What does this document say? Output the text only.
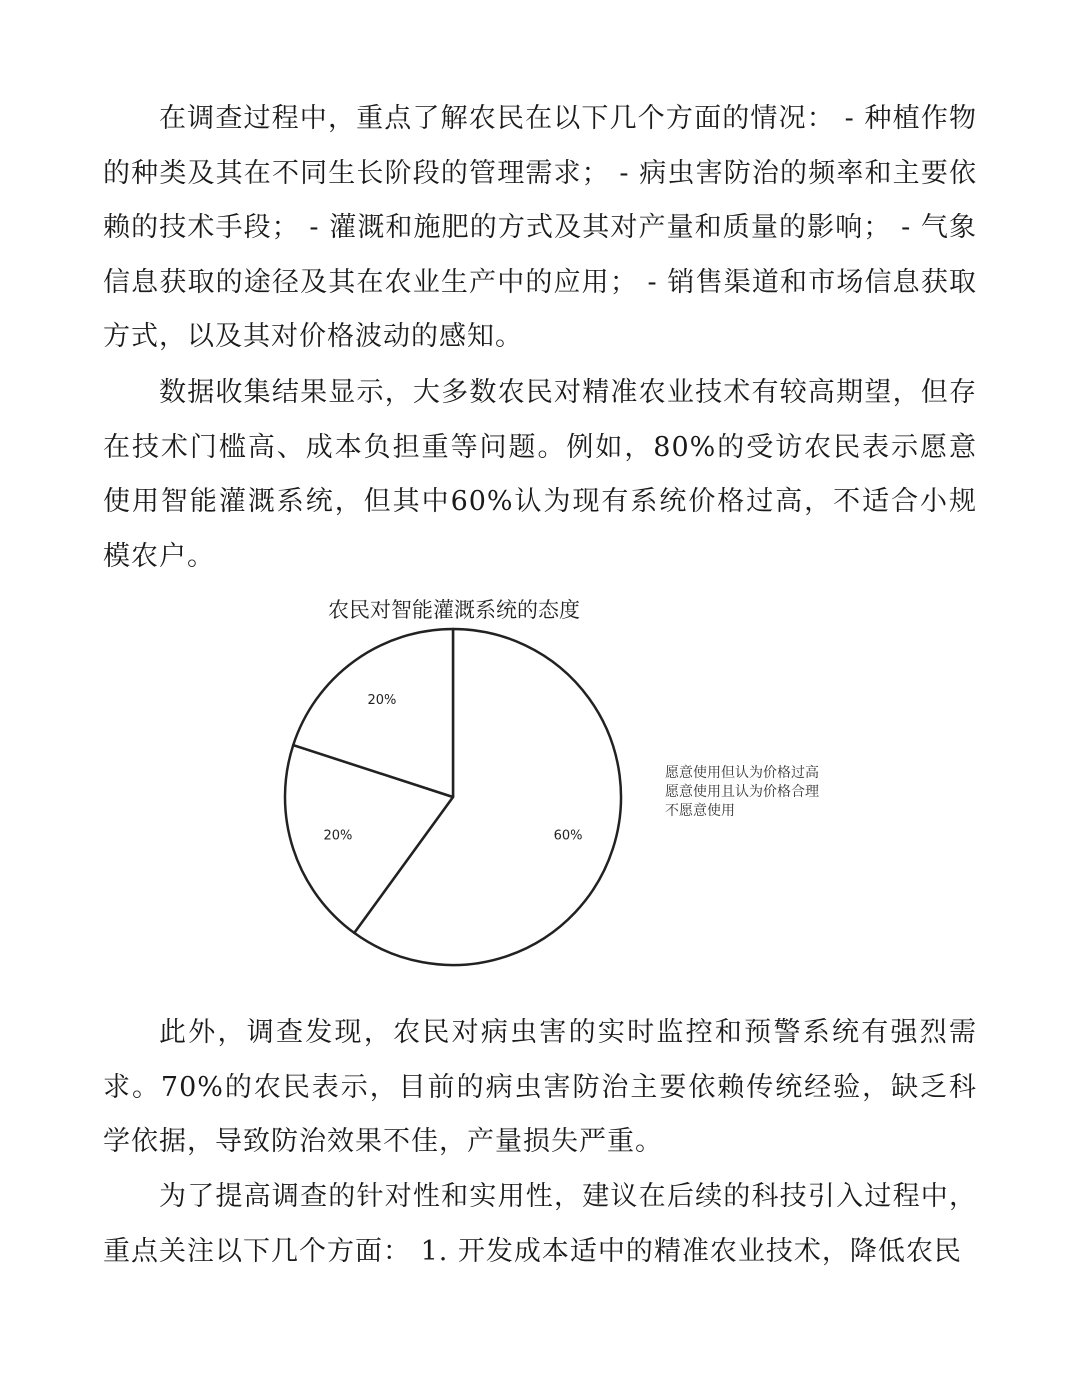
在调查过程中，重点了解农民在以下几个方面的情况： - 种植作物的种类及其在不同生长阶段的管理需求； - 病虫害防治的频率和主要依赖的技术手段； - 灌溉和施肥的方式及其对产量和质量的影响； - 气象信息获取的途径及其在农业生产中的应用； - 销售渠道和市场信息获取方式，以及其对价格波动的感知。

数据收集结果显示，大多数农民对精准农业技术有较高期望，但存在技术门槛高、成本负担重等问题。例如，80%的受访农民表示愿意使用智能灌溉系统，但其中60%认为现有系统价格过高，不适合小规模农户。

农民对智能灌溉系统的态度

60%
20%
20%
愿意使用但认为价格过高
愿意使用且认为价格合理
不愿意使用

此外，调查发现，农民对病虫害的实时监控和预警系统有强烈需求。70%的农民表示，目前的病虫害防治主要依赖传统经验，缺乏科学依据，导致防治效果不佳，产量损失严重。

为了提高调查的针对性和实用性，建议在后续的科技引入过程中，重点关注以下几个方面： 1. 开发成本适中的精准农业技术，降低农民
